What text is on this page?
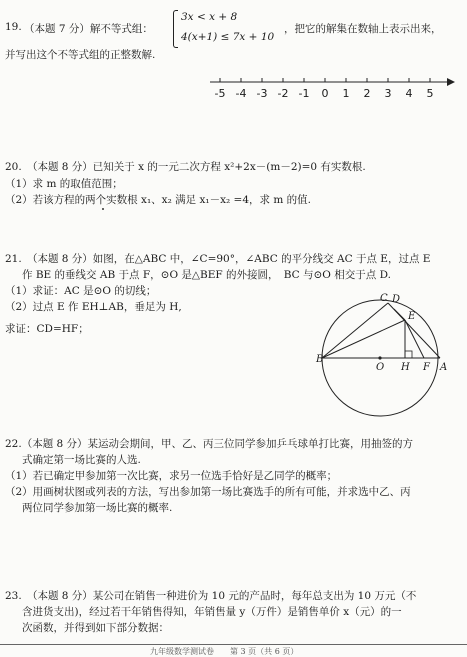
19. （本题 7 分）解不等式组：
3x < x + 8
4(x+1) ≤ 7x + 10
，把它的解集在数轴上表示出来，
并写出这个不等式组的正整数解.
-5 -4 -3 -2 -1 0 1 2 3 4 5
20.　（本题 8 分）已知关于 x 的一元二次方程 x²+2x－(m－2)=0 有实数根.
（1）求 m 的取值范围；
（2）若该方程的两个实数根 x₁、x₂ 满足 x₁－x₂ =4，求 m 的值.
21.　（本题 8 分）如图，在△ABC 中，∠C=90°，∠ABC 的平分线交 AC 于点 E，过点 E
作 BE 的垂线交 AB 于点 F，⊙O 是△BEF 的外接圆，　BC 与⊙O 相交于点 D.
（1）求证：AC 是⊙O 的切线；
（2）过点 E 作 EH⊥AB，垂足为 H,
求证：CD=HF；
B
O H F A
C D
E
22.（本题 8 分）某运动会期间，甲、乙、丙三位同学参加乒乓球单打比赛，用抽签的方
式确定第一场比赛的人选.
（1）若已确定甲参加第一次比赛，求另一位选手恰好是乙同学的概率；
（2）用画树状图或列表的方法，写出参加第一场比赛选手的所有可能，并求选中乙、丙
两位同学参加第一场比赛的概率.
23.　（本题 8 分）某公司在销售一种进价为 10 元的产品时，每年总支出为 10 万元（不
含进货支出)，经过若干年销售得知，年销售量 y（万件）是销售单价 x（元）的一
次函数，并得到如下部分数据：
九年级数学测试卷　　第 3 页（共 6 页）
